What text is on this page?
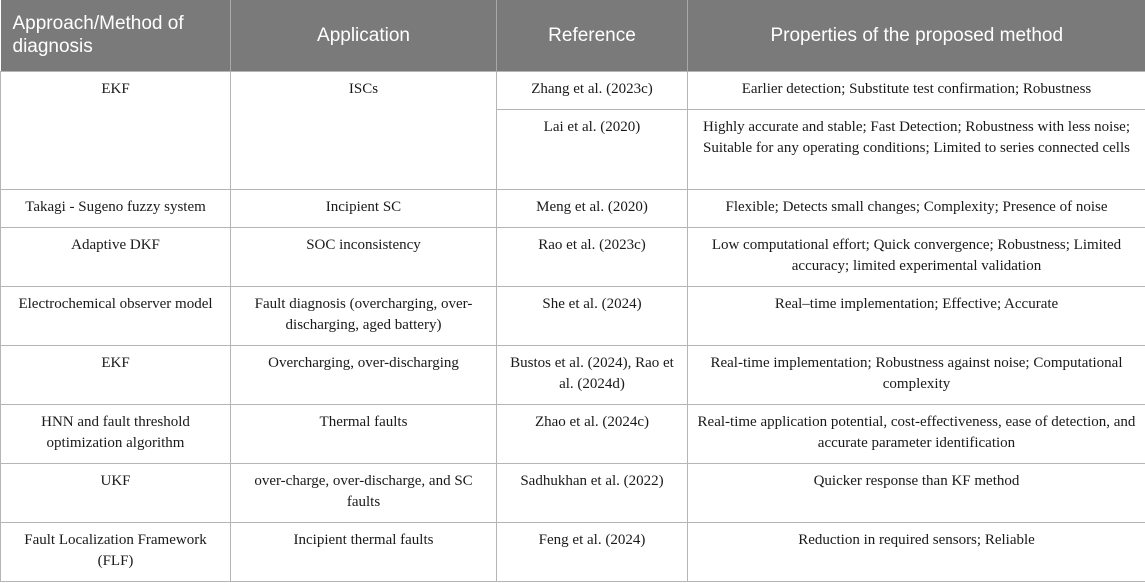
Approach/Method of diagnosis	Application	Reference	Properties of the proposed method
EKF	ISCs	Zhang et al. (2023c)	Earlier detection; Substitute test confirmation; Robustness
		Lai et al. (2020)	Highly accurate and stable; Fast Detection; Robustness with less noise; Suitable for any operating conditions; Limited to series connected cells
Takagi - Sugeno fuzzy system	Incipient SC	Meng et al. (2020)	Flexible; Detects small changes; Complexity; Presence of noise
Adaptive DKF	SOC inconsistency	Rao et al. (2023c)	Low computational effort; Quick convergence; Robustness; Limited accuracy; limited experimental validation
Electrochemical observer model	Fault diagnosis (overcharging, over-discharging, aged battery)	She et al. (2024)	Real–time implementation; Effective; Accurate
EKF	Overcharging, over-discharging	Bustos et al. (2024), Rao et al. (2024d)	Real-time implementation; Robustness against noise; Computational complexity
HNN and fault threshold optimization algorithm	Thermal faults	Zhao et al. (2024c)	Real-time application potential, cost-effectiveness, ease of detection, and accurate parameter identification
UKF	over-charge, over-discharge, and SC faults	Sadhukhan et al. (2022)	Quicker response than KF method
Fault Localization Framework (FLF)	Incipient thermal faults	Feng et al. (2024)	Reduction in required sensors; Reliable
